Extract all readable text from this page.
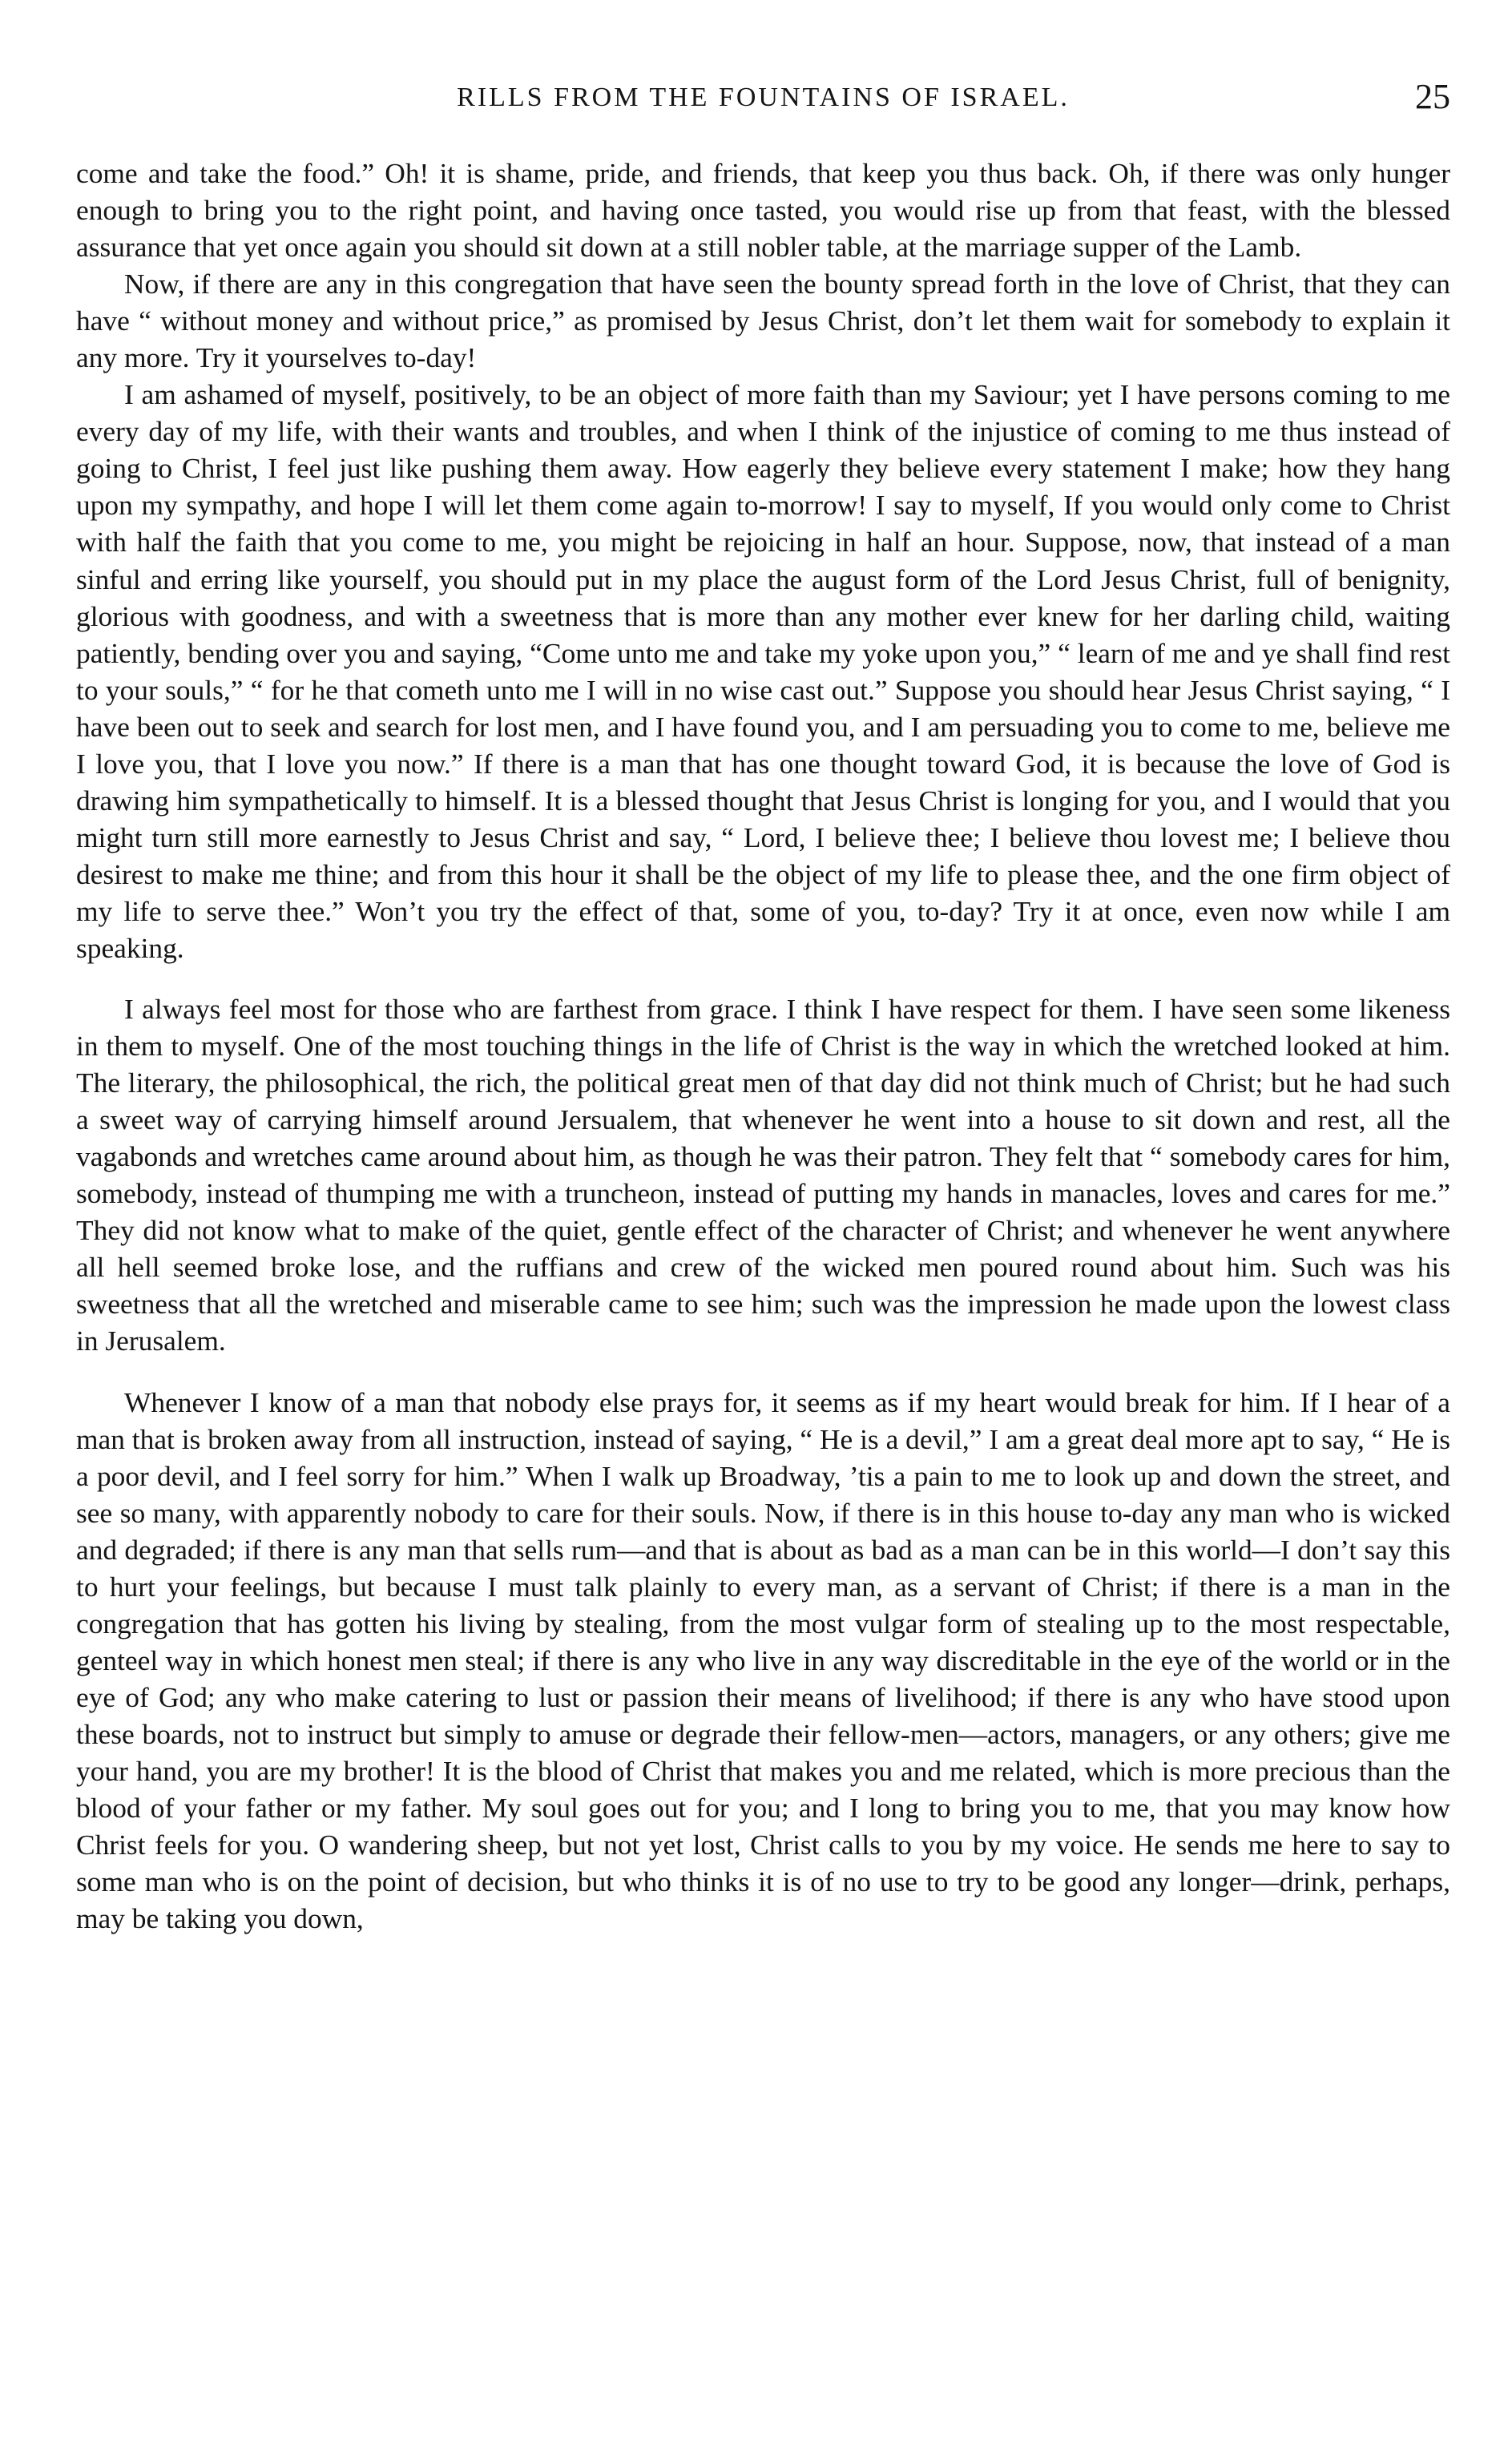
RILLS FROM THE FOUNTAINS OF ISRAEL.	25

come and take the food.” Oh! it is shame, pride, and friends, that keep you thus back. Oh, if there was only hunger enough to bring you to the right point, and having once tasted, you would rise up from that feast, with the blessed assurance that yet once again you should sit down at a still nobler table, at the marriage supper of the Lamb.

Now, if there are any in this congregation that have seen the bounty spread forth in the love of Christ, that they can have “ without money and without price,” as promised by Jesus Christ, don’t let them wait for somebody to explain it any more. Try it yourselves to-day!

I am ashamed of myself, positively, to be an object of more faith than my Saviour; yet I have persons coming to me every day of my life, with their wants and troubles, and when I think of the injustice of coming to me thus instead of going to Christ, I feel just like pushing them away. How eagerly they believe every statement I make; how they hang upon my sympathy, and hope I will let them come again to-morrow! I say to myself, If you would only come to Christ with half the faith that you come to me, you might be rejoicing in half an hour. Suppose, now, that instead of a man sinful and erring like yourself, you should put in my place the august form of the Lord Jesus Christ, full of benignity, glorious with goodness, and with a sweetness that is more than any mother ever knew for her darling child, waiting patiently, bending over you and saying, “Come unto me and take my yoke upon you,” “ learn of me and ye shall find rest to your souls,” “ for he that cometh unto me I will in no wise cast out.” Suppose you should hear Jesus Christ saying, “ I have been out to seek and search for lost men, and I have found you, and I am persuading you to come to me, believe me I love you, that I love you now.” If there is a man that has one thought toward God, it is because the love of God is drawing him sympathetically to himself. It is a blessed thought that Jesus Christ is longing for you, and I would that you might turn still more earnestly to Jesus Christ and say, “ Lord, I believe thee; I believe thou lovest me; I believe thou desirest to make me thine; and from this hour it shall be the object of my life to please thee, and the one firm object of my life to serve thee.” Won’t you try the effect of that, some of you, to-day? Try it at once, even now while I am speaking.

I always feel most for those who are farthest from grace. I think I have respect for them. I have seen some likeness in them to myself. One of the most touching things in the life of Christ is the way in which the wretched looked at him. The literary, the philosophical, the rich, the political great men of that day did not think much of Christ; but he had such a sweet way of carrying himself around Jersualem, that whenever he went into a house to sit down and rest, all the vagabonds and wretches came around about him, as though he was their patron. They felt that “ somebody cares for him, somebody, instead of thumping me with a truncheon, instead of putting my hands in manacles, loves and cares for me.” They did not know what to make of the quiet, gentle effect of the character of Christ; and whenever he went anywhere all hell seemed broke lose, and the ruffians and crew of the wicked men poured round about him. Such was his sweetness that all the wretched and miserable came to see him; such was the impression he made upon the lowest class in Jerusalem.

Whenever I know of a man that nobody else prays for, it seems as if my heart would break for him. If I hear of a man that is broken away from all instruction, instead of saying, “ He is a devil,” I am a great deal more apt to say, “ He is a poor devil, and I feel sorry for him.” When I walk up Broadway, ’tis a pain to me to look up and down the street, and see so many, with apparently nobody to care for their souls. Now, if there is in this house to-day any man who is wicked and degraded; if there is any man that sells rum—and that is about as bad as a man can be in this world—I don’t say this to hurt your feelings, but because I must talk plainly to every man, as a servant of Christ; if there is a man in the congregation that has gotten his living by stealing, from the most vulgar form of stealing up to the most respectable, genteel way in which honest men steal; if there is any who live in any way discreditable in the eye of the world or in the eye of God; any who make catering to lust or passion their means of livelihood; if there is any who have stood upon these boards, not to instruct but simply to amuse or degrade their fellow-men—actors, managers, or any others; give me your hand, you are my brother! It is the blood of Christ that makes you and me related, which is more precious than the blood of your father or my father. My soul goes out for you; and I long to bring you to me, that you may know how Christ feels for you. O wandering sheep, but not yet lost, Christ calls to you by my voice. He sends me here to say to some man who is on the point of decision, but who thinks it is of no use to try to be good any longer—drink, perhaps, may be taking you down,
